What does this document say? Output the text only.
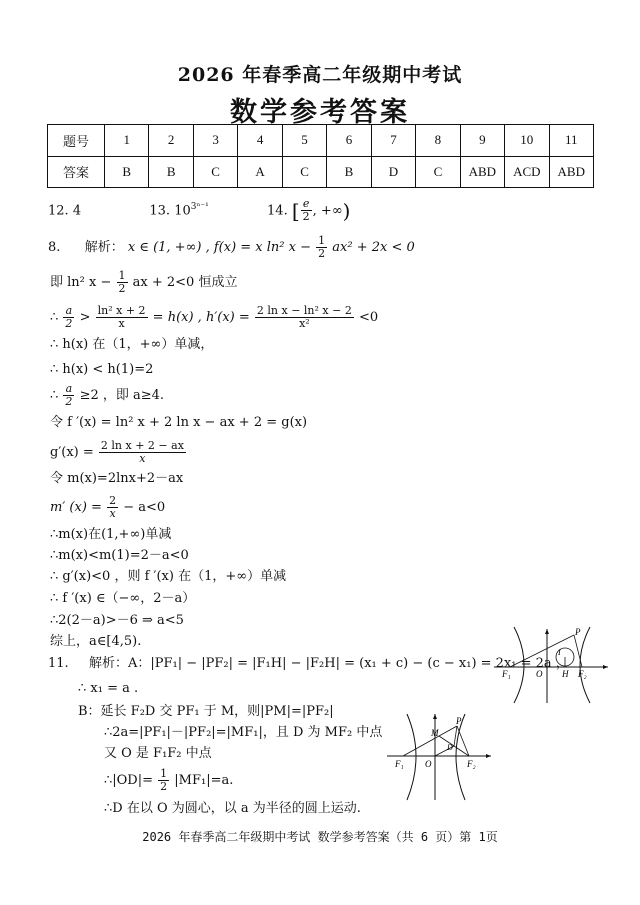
2026 年春季高二年级期中考试
数学参考答案
题号	1	2	3	4	5	6	7	8	9	10	11
答案	B	B	C	A	C	B	D	C	ABD	ACD	ABD
12. 4	13. $10^{3^{n-1}}$	14. [ $\frac{e}{2}$ , +∞)
8. 解析： x ∈ (1, +∞) , f(x) = x ln² $x - \frac{1}{2} ax^2 + 2x < 0$
即 ln² $x - \frac{1}{2}$ ax + 2<0 恒成立
∴ $\frac{a}{2} > \frac{\text{ln² x + 2}}{x} = h(x)$ , $h'(x) = \frac{\text{2 ln x − ln² x − 2}}{\text{x²}} <0$
∴ h(x) 在（1，+∞）单减，
∴ h(x) < h(1)=2
∴ $\frac{a}{2} \ge 2$ ，即 a≥4.
令 f ′(x) = ln² x + 2 ln x − ax + 2 = g(x)
$g'(x) = \frac{\text{2 ln x + 2 − ax}}{x}$
令 m(x)=2lnx+2－ax
m′ $(x) = \frac{2}{x} - a<0$
∴m(x)在(1,+∞)单减
∴m(x)<m(1)=2－a<0
∴ g′(x)<0 ，则 f ′(x) 在（1，+∞）单减
∴ f ′(x) ∈（−∞，2－a）
∴2(2－a)>－6 ⇒ a<5
综上，a∈[4,5).
11. 解析：A：|PF₁| − |PF₂| = |F₁H| − |F₂H| = (x₁ + c) − (c − x₁) = 2x₁ = 2a ，
∴ x₁ = a .
B：延长 F₂D 交 PF₁ 于 M，则|PM|=|PF₂|
∴2a=|PF₁|－|PF₂|=|MF₁|，且 D 为 MF₂ 中点
又 O 是 F₁F₂ 中点
∴|OD|= $\frac{1}{2} |MF_1|=a$.
∴D 在以 O 为圆心，以 a 为半径的圆上运动.
P
I
F₁	O H F₂
P
M
D
F₁ O	F₂
2026 年春季高二年级期中考试 数学参考答案（共 6 页）第 1页
